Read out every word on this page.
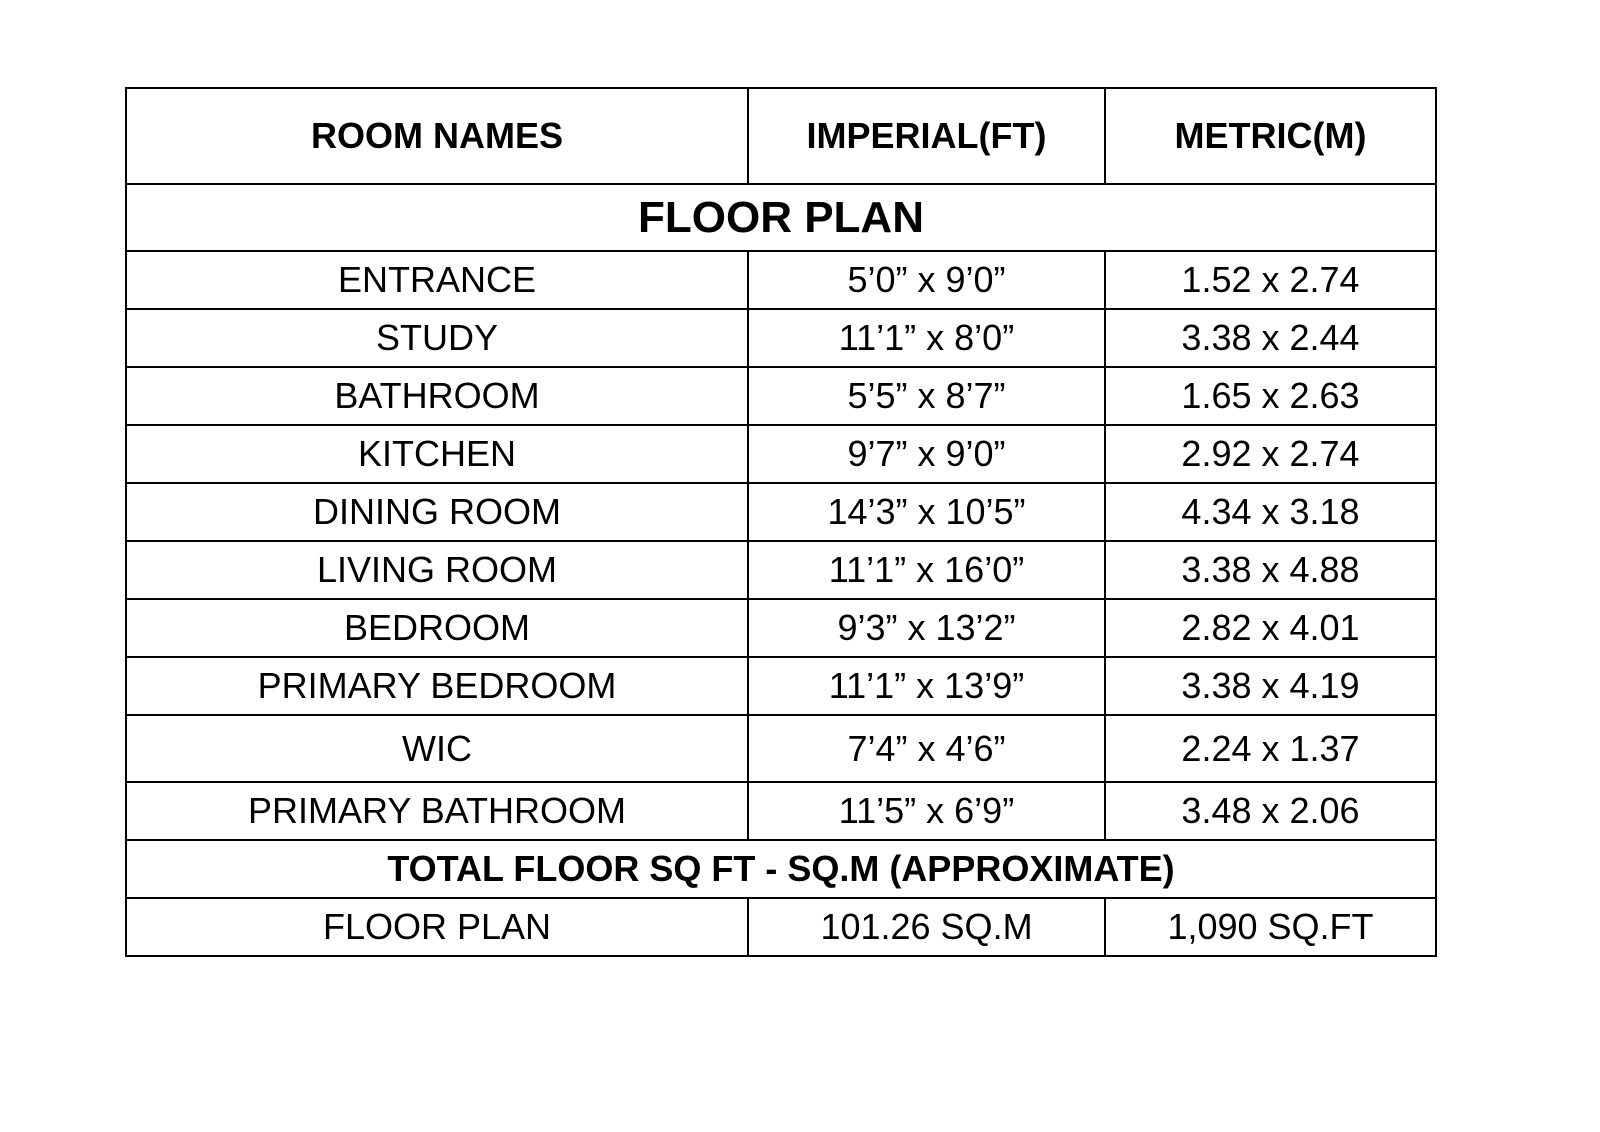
ROOM NAMES	IMPERIAL(FT)	METRIC(M)
FLOOR PLAN		
ENTRANCE	5’0” x 9’0”	1.52 x 2.74
STUDY	11’1” x 8’0”	3.38 x 2.44
BATHROOM	5’5” x 8’7”	1.65 x 2.63
KITCHEN	9’7” x 9’0”	2.92 x 2.74
DINING ROOM	14’3” x 10’5”	4.34 x 3.18
LIVING ROOM	11’1” x 16’0”	3.38 x 4.88
BEDROOM	9’3” x 13’2”	2.82 x 4.01
PRIMARY BEDROOM	11’1” x 13’9”	3.38 x 4.19
WIC	7’4” x 4’6”	2.24 x 1.37
PRIMARY BATHROOM	11’5” x 6’9”	3.48 x 2.06
TOTAL FLOOR SQ FT - SQ.M (APPROXIMATE)		
FLOOR PLAN	101.26 SQ.M	1,090 SQ.FT
